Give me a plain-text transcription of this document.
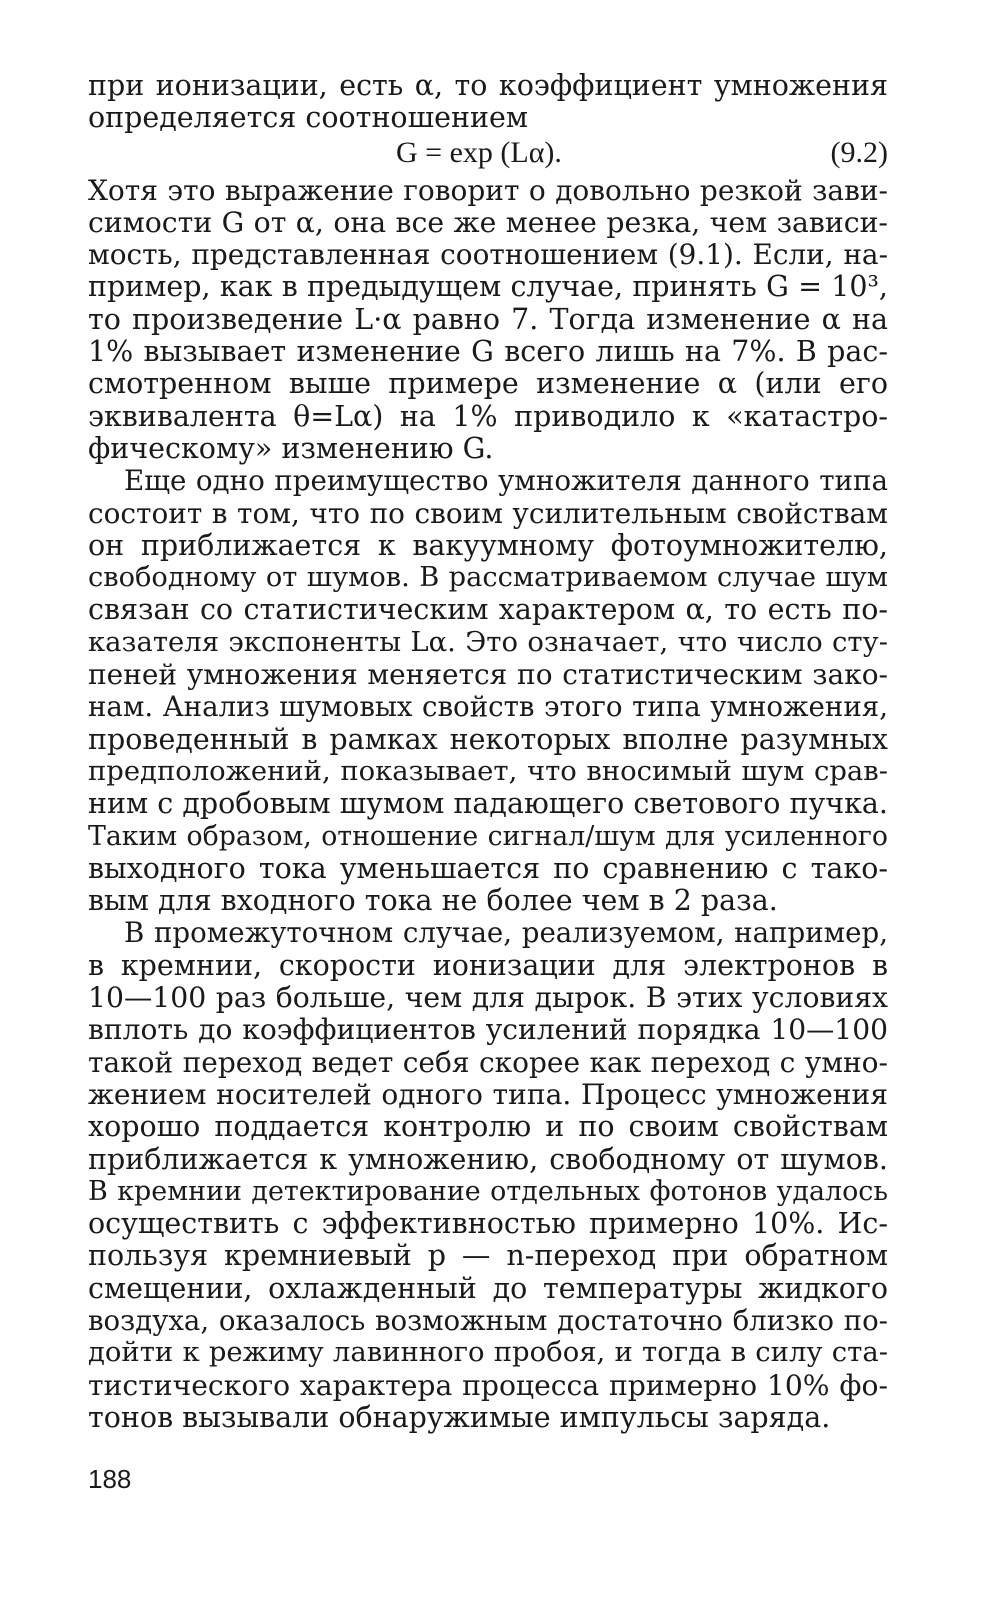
при ионизации, есть α, то коэффициент умножения
определяется соотношением
G = exp (Lα).	(9.2)
Хотя это выражение говорит о довольно резкой зави-
симости G от α, она все же менее резка, чем зависи-
мость, представленная соотношением (9.1). Если, на-
пример, как в предыдущем случае, принять G = 10³,
то произведение L·α равно 7. Тогда изменение α на
1% вызывает изменение G всего лишь на 7%. В рас-
смотренном выше примере изменение α (или его
эквивалента θ=Lα) на 1% приводило к «катастро-
фическому» изменению G.
Еще одно преимущество умножителя данного типа
состоит в том, что по своим усилительным свойствам
он приближается к вакуумному фотоумножителю,
свободному от шумов. В рассматриваемом случае шум
связан со статистическим характером α, то есть по-
казателя экспоненты Lα. Это означает, что число сту-
пеней умножения меняется по статистическим зако-
нам. Анализ шумовых свойств этого типа умножения,
проведенный в рамках некоторых вполне разумных
предположений, показывает, что вносимый шум срав-
ним с дробовым шумом падающего светового пучка.
Таким образом, отношение сигнал/шум для усиленного
выходного тока уменьшается по сравнению с тако-
вым для входного тока не более чем в 2 раза.
В промежуточном случае, реализуемом, например,
в кремнии, скорости ионизации для электронов в
10—100 раз больше, чем для дырок. В этих условиях
вплоть до коэффициентов усилений порядка 10—100
такой переход ведет себя скорее как переход с умно-
жением носителей одного типа. Процесс умножения
хорошо поддается контролю и по своим свойствам
приближается к умножению, свободному от шумов.
В кремнии детектирование отдельных фотонов удалось
осуществить с эффективностью примерно 10%. Ис-
пользуя кремниевый p — n-переход при обратном
смещении, охлажденный до температуры жидкого
воздуха, оказалось возможным достаточно близко по-
дойти к режиму лавинного пробоя, и тогда в силу ста-
тистического характера процесса примерно 10% фо-
тонов вызывали обнаружимые импульсы заряда.
188
